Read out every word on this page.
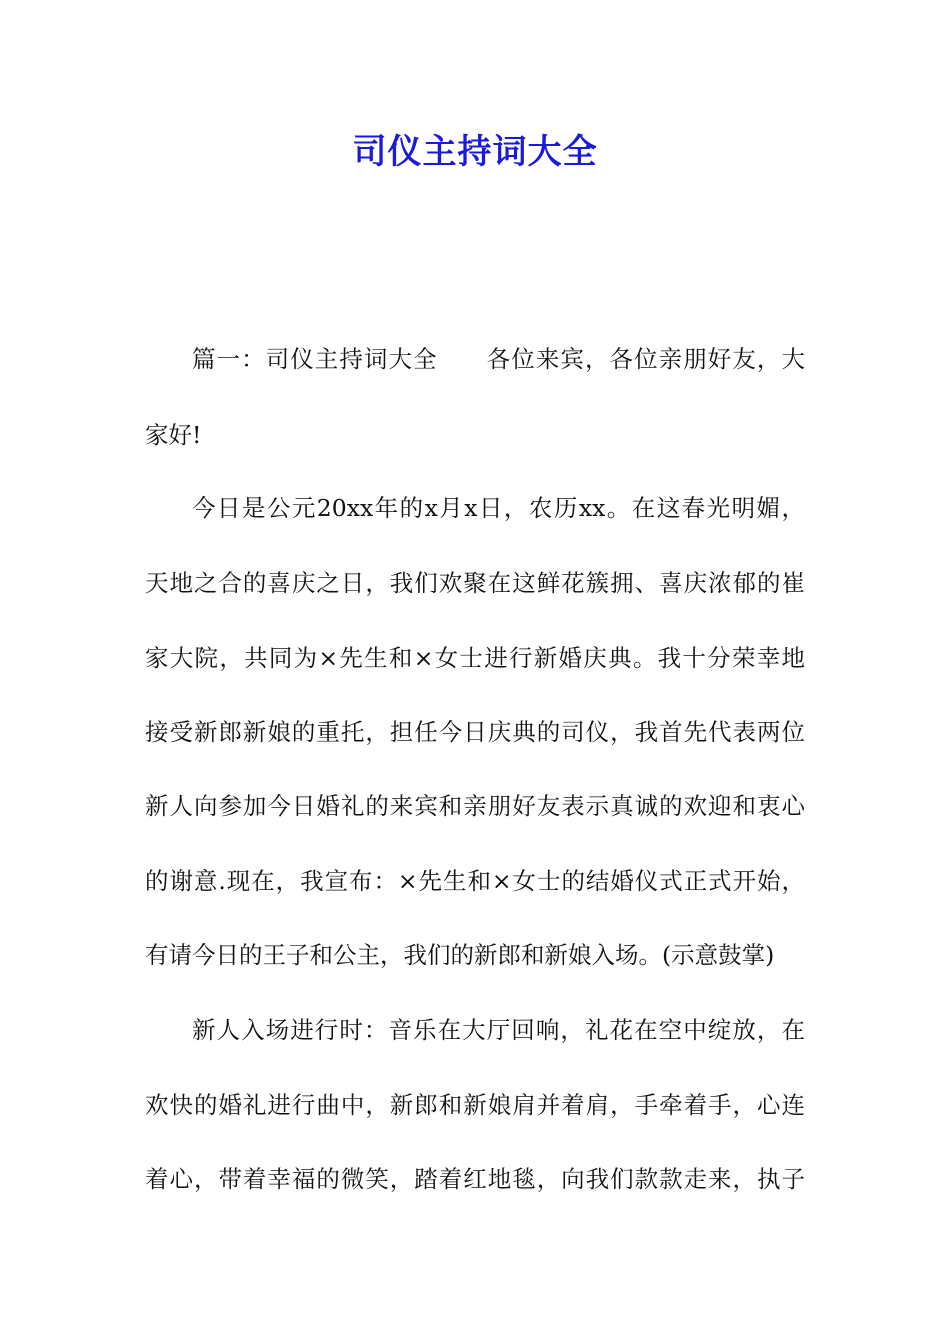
司仪主持词大全
篇一：司仪主持词大全　　各位来宾，各位亲朋好友，大
家好!
今日是公元20xx年的x月x日，农历xx。在这春光明媚，
天地之合的喜庆之日，我们欢聚在这鲜花簇拥、喜庆浓郁的崔
家大院，共同为×先生和×女士进行新婚庆典。我十分荣幸地
接受新郎新娘的重托，担任今日庆典的司仪，我首先代表两位
新人向参加今日婚礼的来宾和亲朋好友表示真诚的欢迎和衷心
的谢意.现在，我宣布：×先生和×女士的结婚仪式正式开始，
有请今日的王子和公主，我们的新郎和新娘入场。(示意鼓掌)
新人入场进行时：音乐在大厅回响，礼花在空中绽放，在
欢快的婚礼进行曲中，新郎和新娘肩并着肩，手牵着手，心连
着心，带着幸福的微笑，踏着红地毯，向我们款款走来，执子
